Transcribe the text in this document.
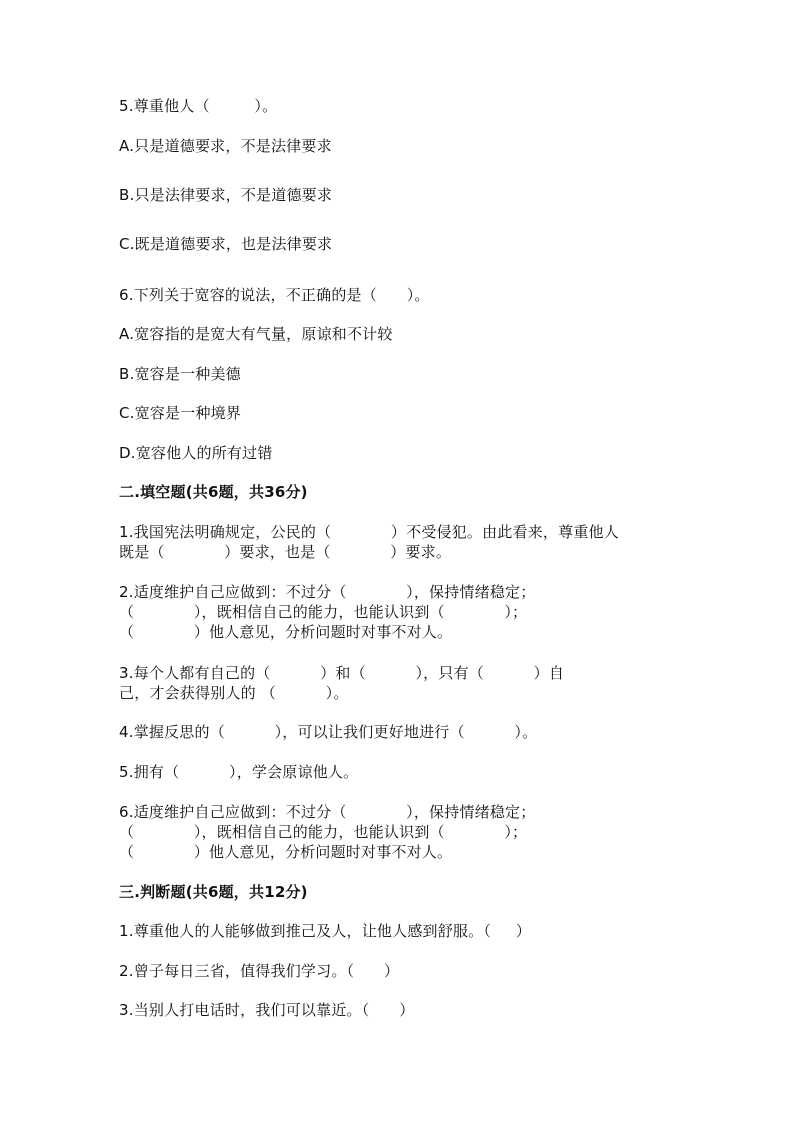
5.尊重他人（         ）。
A.只是道德要求，不是法律要求
B.只是法律要求，不是道德要求
C.既是道德要求，也是法律要求
6.下列关于宽容的说法，不正确的是（      ）。
A.宽容指的是宽大有气量，原谅和不计较
B.宽容是一种美德
C.宽容是一种境界
D.宽容他人的所有过错
二.填空题(共6题，共36分)
1.我国宪法明确规定，公民的（            ）不受侵犯。由此看来，尊重他人
既是（            ）要求，也是（            ）要求。
2.适度维护自己应做到：不过分（            ），保持情绪稳定；
（            ），既相信自己的能力，也能认识到（            ）；
（            ）他人意见，分析问题时对事不对人。
3.每个人都有自己的（          ）和（          ），只有（          ）自
己，才会获得别人的 （          ）。
4.掌握反思的（          ），可以让我们更好地进行（          ）。
5.拥有（          ），学会原谅他人。
6.适度维护自己应做到：不过分（            ），保持情绪稳定；
（            ），既相信自己的能力，也能认识到（            ）；
（            ）他人意见，分析问题时对事不对人。
三.判断题(共6题，共12分)
1.尊重他人的人能够做到推己及人，让他人感到舒服。（     ）
2.曾子每日三省，值得我们学习。（      ）
3.当别人打电话时，我们可以靠近。（      ）
